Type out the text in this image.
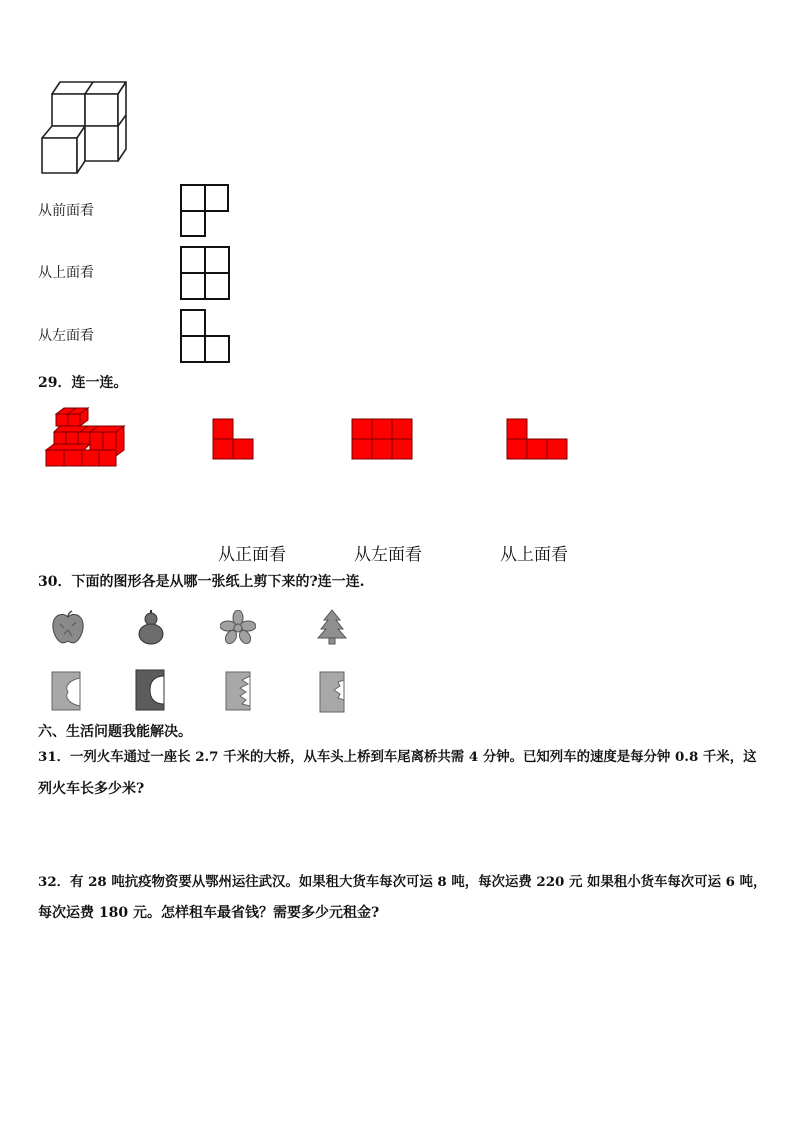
从前面看
从上面看
从左面看
29．连一连。
从正面看	从左面看	从上面看
30．下面的图形各是从哪一张纸上剪下来的?连一连.
六、生活问题我能解决。
31．一列火车通过一座长 2.7 千米的大桥，从车头上桥到车尾离桥共需 4 分钟。已知列车的速度是每分钟 0.8 千米，这
列火车长多少米?
32．有 28 吨抗疫物资要从鄂州运往武汉。如果租大货车每次可运 8 吨，每次运费 220 元 如果租小货车每次可运 6 吨，
每次运费 180 元。怎样租车最省钱？需要多少元租金?
